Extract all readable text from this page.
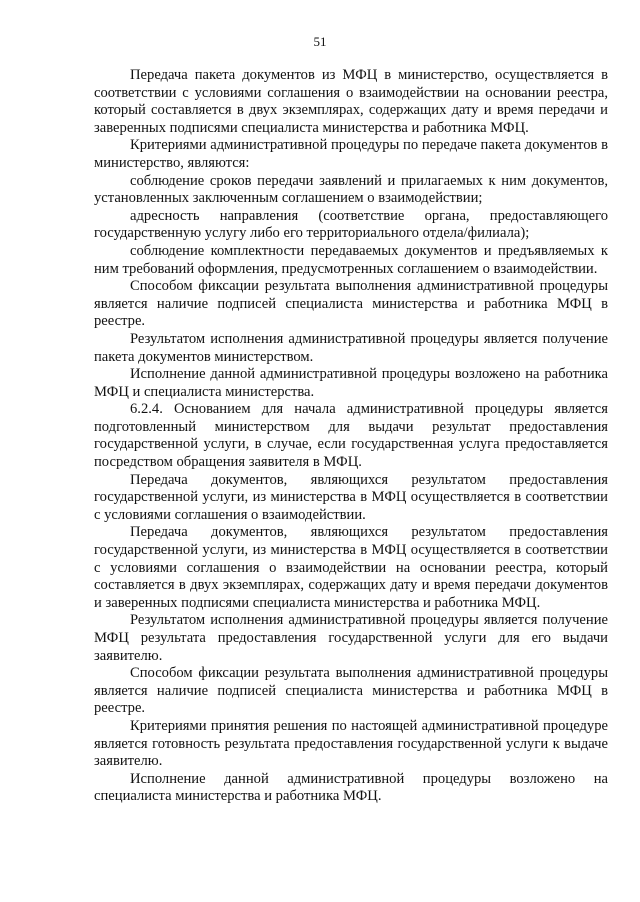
51

Передача пакета документов из МФЦ в министерство, осуществляется в соответствии с условиями соглашения о взаимодействии на основании реестра, который составляется в двух экземплярах, содержащих дату и время передачи и заверенных подписями специалиста министерства и работника МФЦ.

Критериями административной процедуры по передаче пакета документов в министерство, являются:

соблюдение сроков передачи заявлений и прилагаемых к ним документов, установленных заключенным соглашением о взаимодействии;

адресность направления (соответствие органа, предоставляющего государственную услугу либо его территориального отдела/филиала);

соблюдение комплектности передаваемых документов и предъявляемых к ним требований оформления, предусмотренных соглашением о взаимодействии.

Способом фиксации результата выполнения административной процедуры является наличие подписей специалиста министерства и работника МФЦ в реестре.

Результатом исполнения административной процедуры является получение пакета документов министерством.

Исполнение данной административной процедуры возложено на работника МФЦ и специалиста министерства.

6.2.4. Основанием для начала административной процедуры является подготовленный министерством для выдачи результат предоставления государственной услуги, в случае, если государственная услуга предоставляется посредством обращения заявителя в МФЦ.

Передача документов, являющихся результатом предоставления государственной услуги, из министерства в МФЦ осуществляется в соответствии с условиями соглашения о взаимодействии.

Передача документов, являющихся результатом предоставления государственной услуги, из министерства в МФЦ осуществляется в соответствии с условиями соглашения о взаимодействии на основании реестра, который составляется в двух экземплярах, содержащих дату и время передачи документов и заверенных подписями специалиста министерства и работника МФЦ.

Результатом исполнения административной процедуры является получение МФЦ результата предоставления государственной услуги для его выдачи заявителю.

Способом фиксации результата выполнения административной процедуры является наличие подписей специалиста министерства и работника МФЦ в реестре.

Критериями принятия решения по настоящей административной процедуре является готовность результата предоставления государственной услуги к выдаче заявителю.

Исполнение данной административной процедуры возложено на специалиста министерства и работника МФЦ.
